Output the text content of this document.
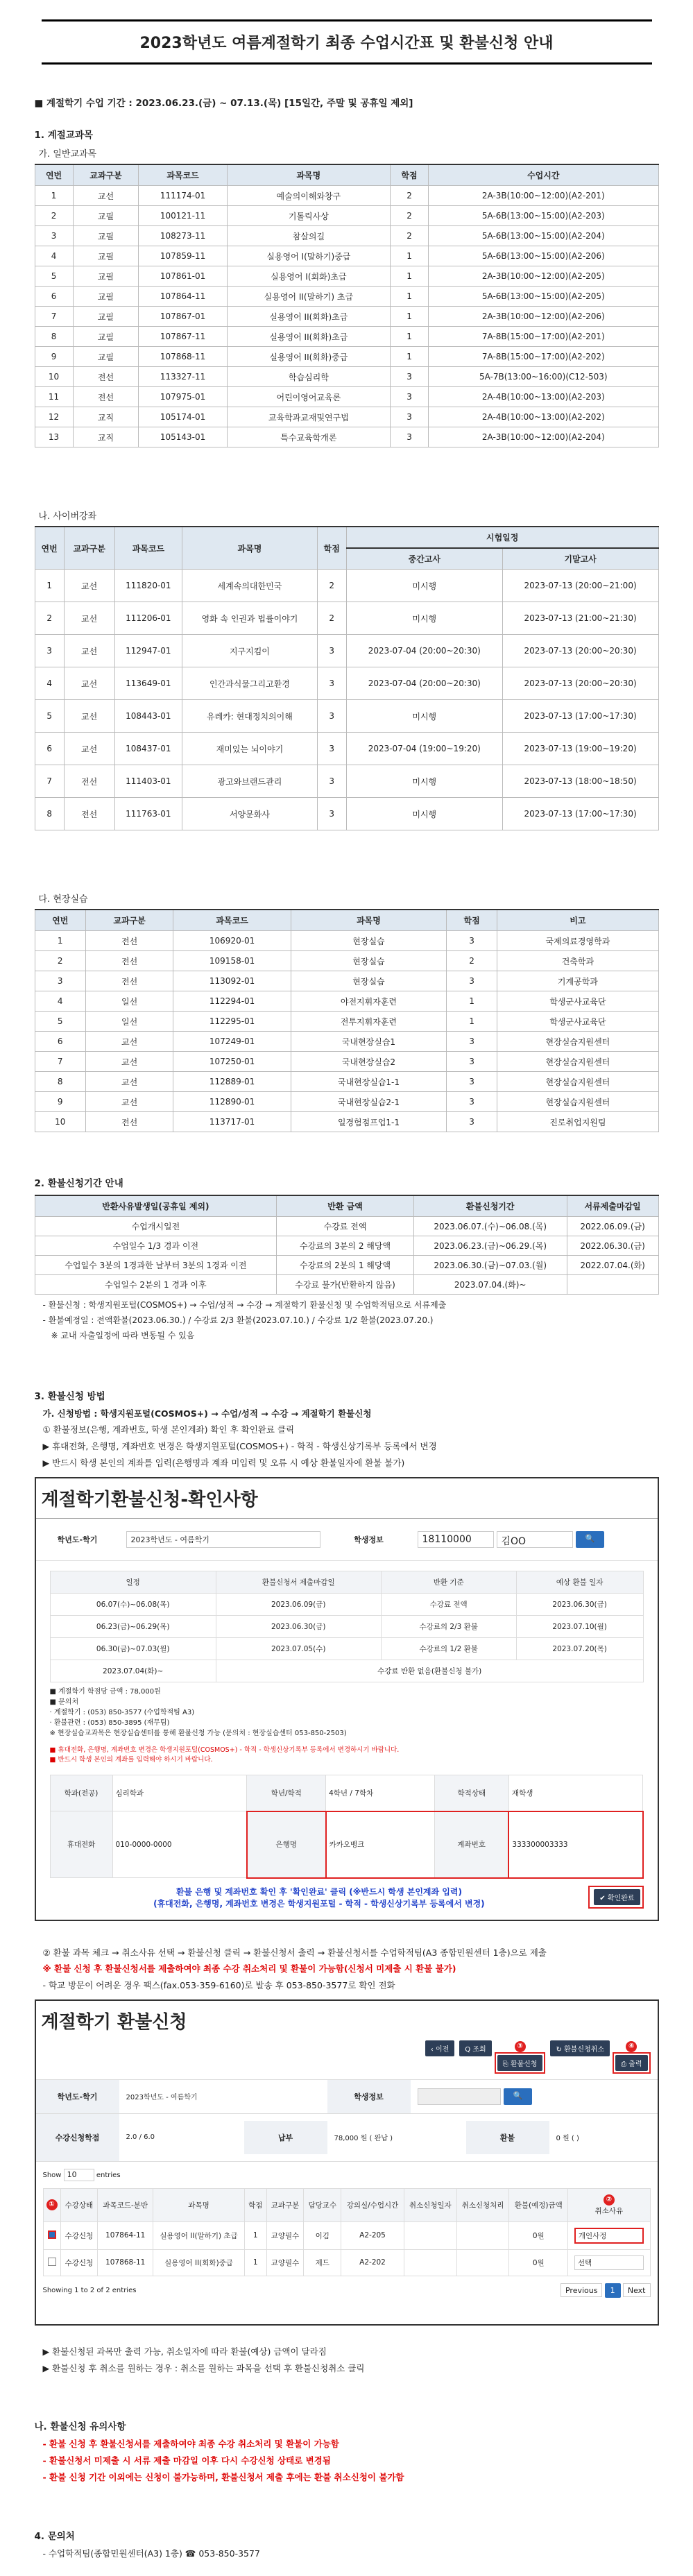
2023학년도 여름계절학기 최종 수업시간표 및 환불신청 안내
■ 계절학기 수업 기간 : 2023.06.23.(금) ~ 07.13.(목) [15일간, 주말 및 공휴일 제외]
1. 계절교과목
가. 일반교과목
연번	교과구분	과목코드	과목명	학점	수업시간
1	교선	111174-01	예술의이해와창구	2	2A-3B(10:00~12:00)(A2-201)
2	교필	100121-11	기톨릭사상	2	5A-6B(13:00~15:00)(A2-203)
3	교필	108273-11	참살의길	2	5A-6B(13:00~15:00)(A2-204)
4	교필	107859-11	실용영어 I(말하기)중급	1	5A-6B(13:00~15:00)(A2-206)
5	교필	107861-01	실용영어 I(회화)초급	1	2A-3B(10:00~12:00)(A2-205)
6	교필	107864-11	실용영어 II(말하기) 초급	1	5A-6B(13:00~15:00)(A2-205)
7	교필	107867-01	실용영어 II(회화)초급	1	2A-3B(10:00~12:00)(A2-206)
8	교필	107867-11	실용영어 II(회화)초급	1	7A-8B(15:00~17:00)(A2-201)
9	교필	107868-11	실용영어 II(회화)중급	1	7A-8B(15:00~17:00)(A2-202)
10	전선	113327-11	학습심리학	3	5A-7B(13:00~16:00)(C12-503)
11	전선	107975-01	어린이영어교육론	3	2A-4B(10:00~13:00)(A2-203)
12	교직	105174-01	교육학과교재및연구법	3	2A-4B(10:00~13:00)(A2-202)
13	교직	105143-01	특수교육학개론	3	2A-3B(10:00~12:00)(A2-204)
나. 사이버강좌
연번	교과구분	과목코드	과목명	학점	시험일정	
					중간고사	기말고사
1	교선	111820-01	세계속의대한민국	2	미시행	2023-07-13 (20:00~21:00)
2	교선	111206-01	영화 속 인권과 법률이야기	2	미시행	2023-07-13 (21:00~21:30)
3	교선	112947-01	지구지킴이	3	2023-07-04 (20:00~20:30)	2023-07-13 (20:00~20:30)
4	교선	113649-01	인간과식물그리고환경	3	2023-07-04 (20:00~20:30)	2023-07-13 (20:00~20:30)
5	교선	108443-01	유레카: 현대정치의이해	3	미시행	2023-07-13 (17:00~17:30)
6	교선	108437-01	재미있는 뇌이야기	3	2023-07-04 (19:00~19:20)	2023-07-13 (19:00~19:20)
7	전선	111403-01	광고와브랜드관리	3	미시행	2023-07-13 (18:00~18:50)
8	전선	111763-01	서양문화사	3	미시행	2023-07-13 (17:00~17:30)
다. 현장실습
연번	교과구분	과목코드	과목명	학점	비고
1	전선	106920-01	현장실습	3	국제의료경영학과
2	전선	109158-01	현장실습	2	건축학과
3	전선	113092-01	현장실습	3	기계공학과
4	일선	112294-01	야전지휘자훈련	1	학생군사교육단
5	일선	112295-01	전투지휘자훈련	1	학생군사교육단
6	교선	107249-01	국내현장실습1	3	현장실습지원센터
7	교선	107250-01	국내현장실습2	3	현장실습지원센터
8	교선	112889-01	국내현장실습1-1	3	현장실습지원센터
9	교선	112890-01	국내현장실습2-1	3	현장실습지원센터
10	전선	113717-01	일경험점프업1-1	3	진로취업지원팀
2. 환불신청기간 안내
반환사유발생일(공휴일 제외)	반환 금액	환불신청기간	서류제출마감일
수업개시일전	수강료 전액	2023.06.07.(수)~06.08.(목)	2022.06.09.(금)
수업일수 1/3 경과 이전	수강료의 3분의 2 해당액	2023.06.23.(금)~06.29.(목)	2022.06.30.(금)
수업일수 3분의 1경과한 날부터 3분의 1경과 이전	수강료의 2분의 1 해당액	2023.06.30.(금)~07.03.(월)	2022.07.04.(화)
수업일수 2분의 1 경과 이후	수강료 불가(반환하지 않음)	2023.07.04.(화)~	
- 환불신청 : 학생지원포털(COSMOS+) → 수업/성적 → 수강 → 계절학기 환불신청 및 수업학적팀으로 서류제출
- 환불예정일 : 전액환불(2023.06.30.) / 수강료 2/3 환불(2023.07.10.) / 수강료 1/2 환불(2023.07.20.)
※ 교내 자출일정에 따라 변동될 수 있음
3. 환불신청 방법
가. 신청방법 : 학생지원포털(COSMOS+) → 수업/성적 → 수강 → 계절학기 환불신청
① 환불정보(은행, 계좌번호, 학생 본인계좌) 확인 후 확인완료 클릭
▶ 휴대전화, 은행명, 계좌번호 변경은 학생지원포털(COSMOS+) - 학적 - 학생신상기록부 등록에서 변경
▶ 반드시 학생 본인의 계좌를 입력(은행명과 계좌 미입력 및 오류 시 예상 환불일자에 환불 불가)
계절학기환불신청-확인사항
학년도-학기	2023학년도 - 여름학기	학생정보	18110000	김OO	🔍
일정	환불신청서 제출마감일	반환 기준	예상 환불 일자
06.07(수)~06.08(목)	2023.06.09(금)	수강료 전액	2023.06.30(금)
06.23(금)~06.29(목)	2023.06.30(금)	수강료의 2/3 환불	2023.07.10(월)
06.30(금)~07.03(월)	2023.07.05(수)	수강료의 1/2 환불	2023.07.20(목)
2023.07.04(화)~	수강료 반환 없음(환불신청 불가)		
■ 계절학기 학점당 금액 : 78,000원
■ 문의처
· 계절학기 : (053) 850-3577 (수업학적팀 A3)
· 환불관련 : (053) 850-3895 (재무팀)
※ 현장실습교과목은 현장실습센터를 통해 환불신청 가능 (문의처 : 현장실습센터 053-850-2503)
■ 휴대전화, 은행명, 계좌번호 변경은 학생지원포털(COSMOS+) - 학적 - 학생신상기록부 등록에서 변경하시기 바랍니다.
■ 반드시 학생 본인의 계좌를 입력해야 하시기 바랍니다.
학과(전공)	심리학과	학년/학적	4학년 / 7학차	학적상태	재학생
휴대전화	010-0000-0000	은행명	카카오뱅크	계좌번호	333300003333
환불 은행 및 계좌번호 확인 후 '확인완료' 클릭 (※반드시 학생 본인계좌 입력)
(휴대전화, 은행명, 계좌번호 변경은 학생지원포털 - 학적 - 학생신상기록부 등록에서 변경)	✔ 확인완료
② 환불 과목 체크 → 취소사유 선택 → 환불신청 클릭 → 환불신청서 출력 → 환불신청서를 수업학적팀(A3 종합민원센터 1층)으로 제출
※ 환불 신청 후 환불신청서를 제출하여야 최종 수강 취소처리 및 환불이 가능함(신청서 미제출 시 환불 불가)
- 학교 방문이 어려운 경우 팩스(fax.053-359-6160)로 발송 후 053-850-3577로 확인 전화
계절학기 환불신청
‹ 이전	Q 조회	③
⎘ 환불신청
↻ 환불신청취소	④
⎙ 출력
학년도-학기	2023학년도 - 여름학기	학생정보	🔍
수강신청학점	2.0 / 6.0	납부	78,000 원 ( 완납 )	환불	0 원 ( )
Show 10	entries
①	수강상태	과목코드-분반	과목명	학점	교과구분	담당교수	강의실/수업시간	취소신청일자	취소신청처리	환불(예정)금액	②
취소사유
	수강신청	107864-11	실용영어 II(말하기) 초급	1	교양필수	이김	A2-205			0원	개인사정
	수강신청	107868-11	실용영어 II(회화)중급	1	교양필수	제드	A2-202			0원	선택
Showing 1 to 2 of 2 entries	Previous 1 Next
▶ 환불신청된 과목만 출력 가능, 취소일자에 따라 환불(예상) 금액이 달라짐
▶ 환불신청 후 취소를 원하는 경우 : 취소를 원하는 과목을 선택 후 환불신청취소 클릭
나. 환불신청 유의사항
- 환불 신청 후 환불신청서를 제출하여야 최종 수강 취소처리 및 환불이 가능함
- 환불신청서 미제출 시 서류 제출 마감일 이후 다시 수강신청 상태로 변경됨
- 환불 신청 기간 이외에는 신청이 불가능하며, 환불신청서 제출 후에는 환불 취소신청이 불가함
4. 문의처
- 수업학적팀(종합민원센터(A3) 1층) ☎ 053-850-3577
